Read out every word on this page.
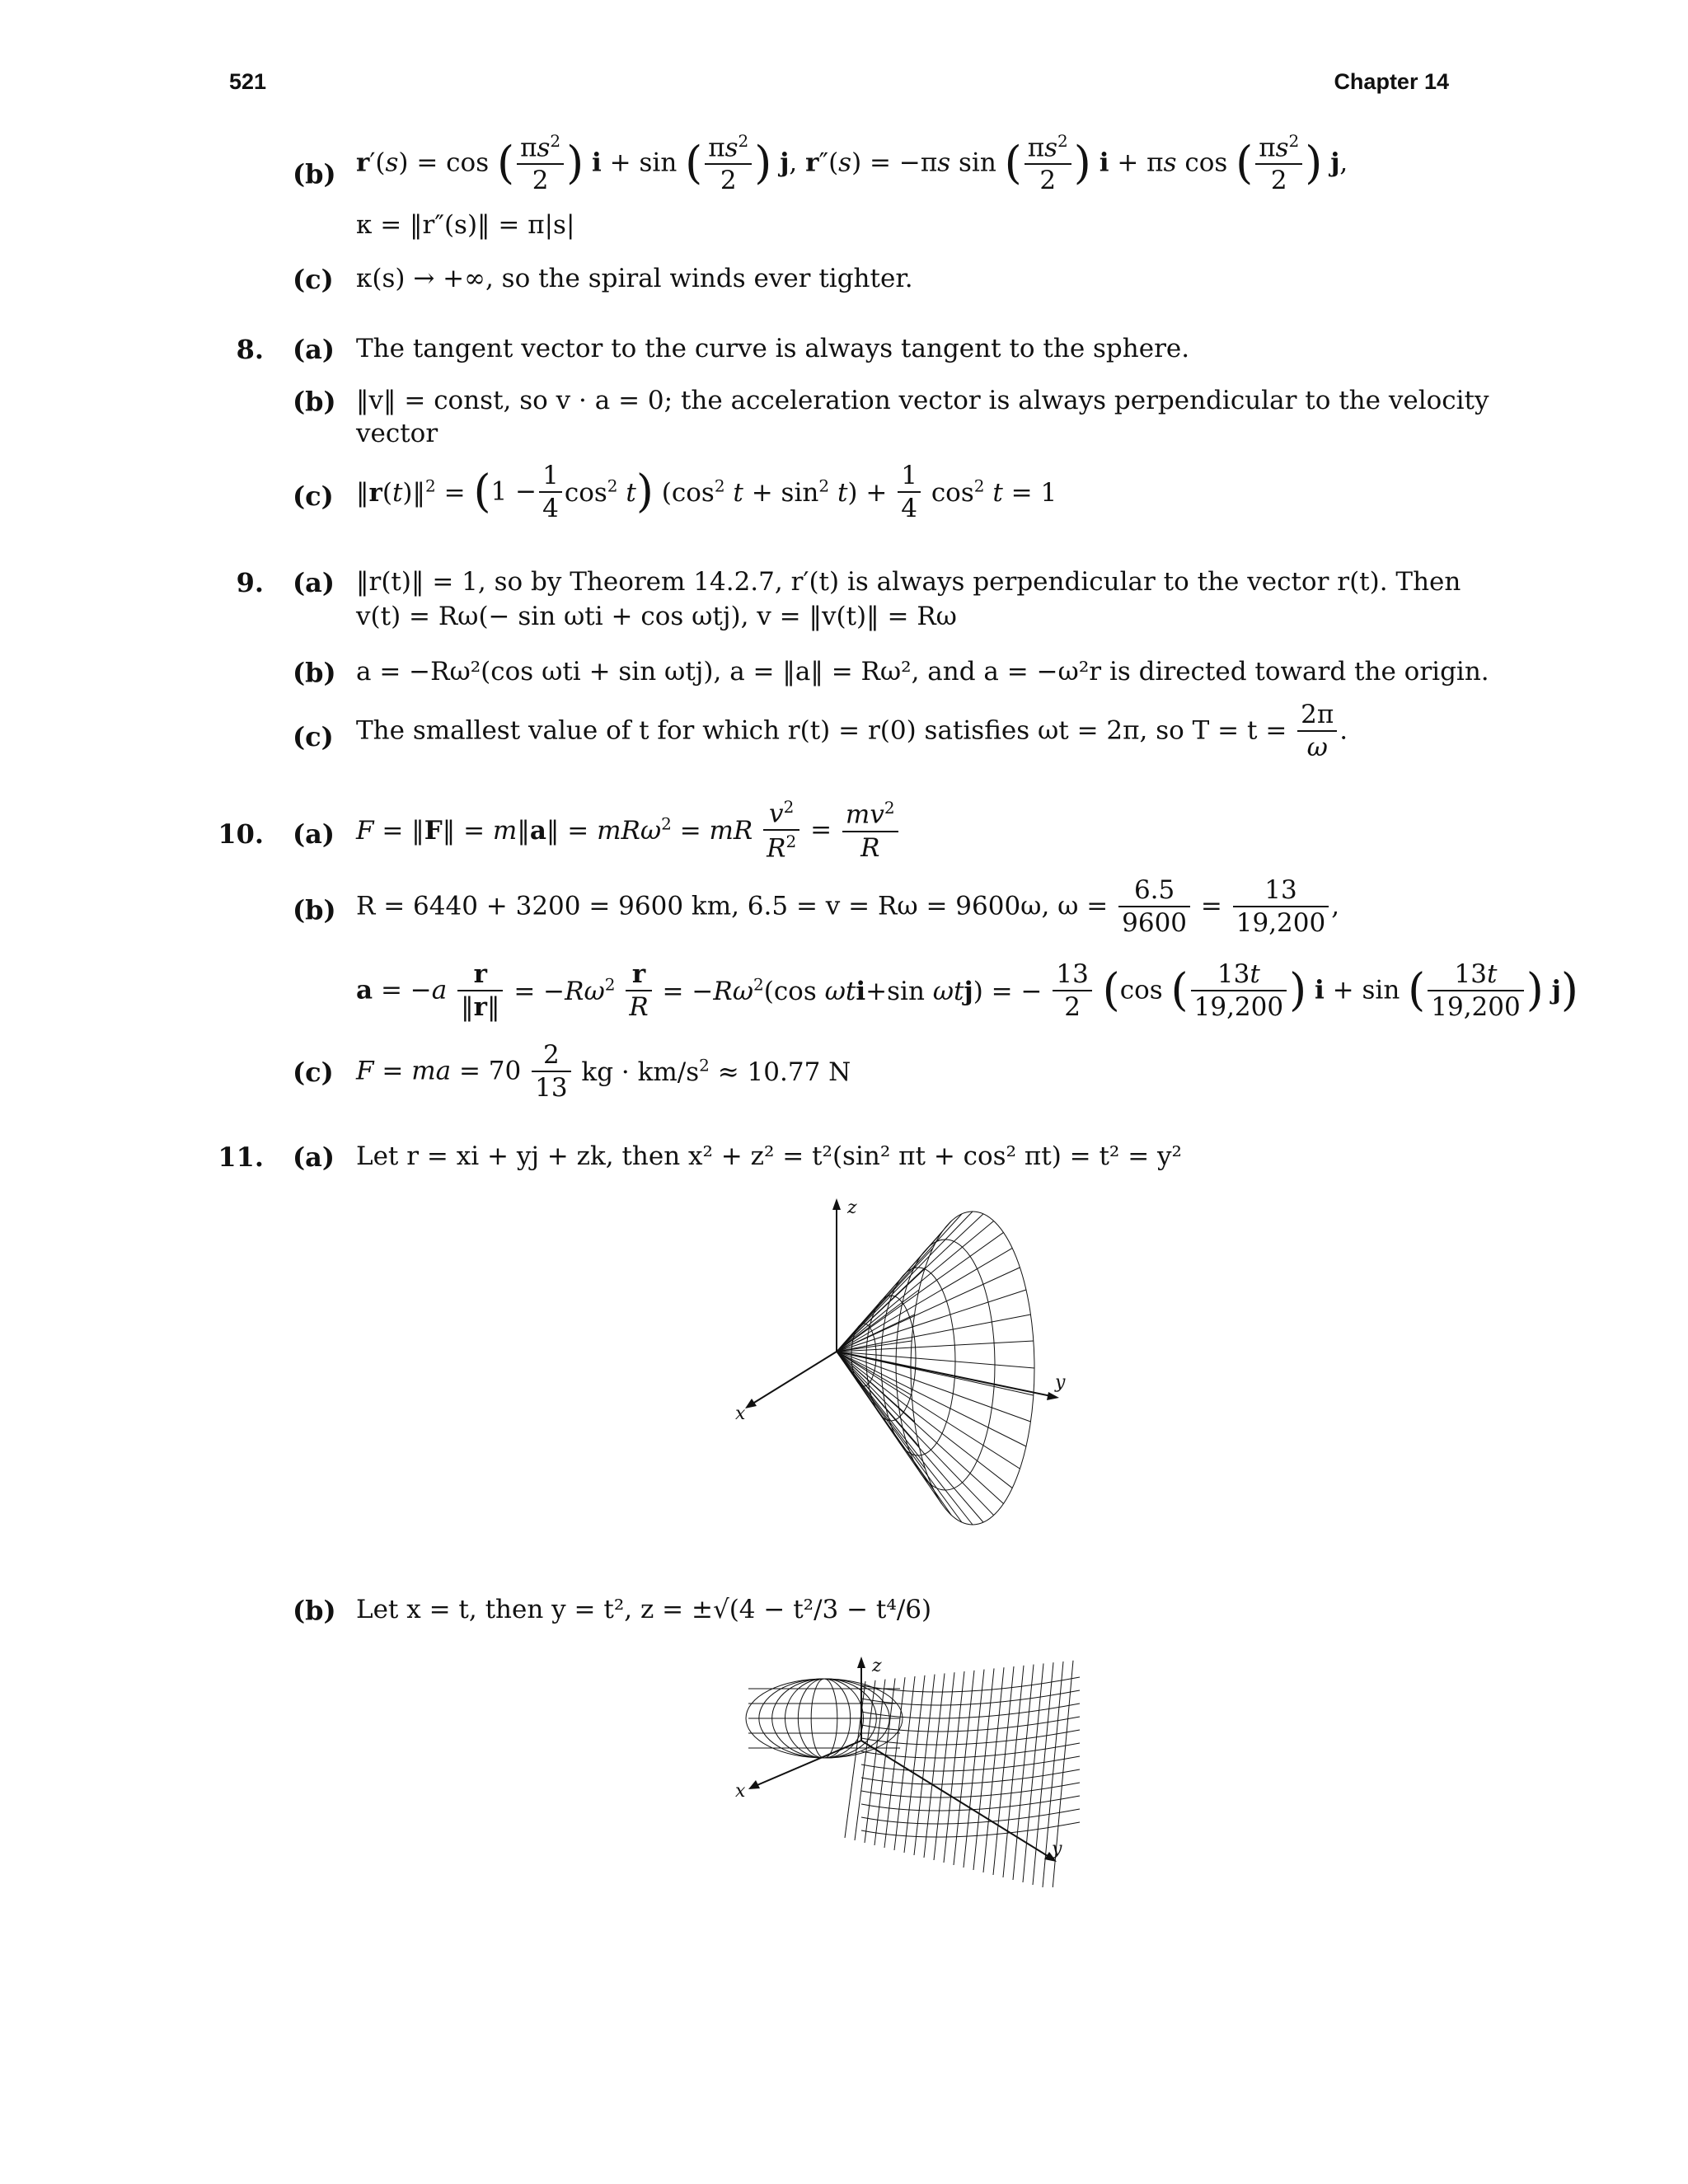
521	Chapter 14
(b) r′(s) = cos ( $\frac{\pi s^2}{2}$ ) i + sin ( $\frac{\pi s^2}{2}$ ) j, r″(s) = −πs sin ( $\frac{\pi s^2}{2}$ ) i + πs cos ( $\frac{\pi s^2}{2}$ ) j,
κ = ‖r″(s)‖ = π|s|
(c) κ(s) → +∞, so the spiral winds ever tighter.
8. (a) The tangent vector to the curve is always tangent to the sphere.
(b) ‖v‖ = const, so v · a = 0; the acceleration vector is always perpendicular to the velocity
vector
(c) ‖r(t)‖$^2$ = $(1 - \frac{1}{4} \cos^2 t)$ ($\cos^2$ $t + \sin^2 t) + \frac{1}{4} \cos^2 t = 1$
9. (a) ‖r(t)‖ = 1, so by Theorem 14.2.7, r′(t) is always perpendicular to the vector r(t). Then
v(t) = Rω(− sin ωti + cos ωtj), v = ‖v(t)‖ = Rω
(b) a = −Rω²(cos ωti + sin ωtj), a = ‖a‖ = Rω², and a = −ω²r is directed toward the origin.
(c) The smallest value of t for which r(t) = r(0) satisfies ωt = 2π, so $T = t = \frac{2\pi}{\omega}$ .
10. (a) F = ‖F‖ = m‖a‖ = mRω$^2$ = mR $\frac{v^2}{R^2} = \frac{mv^2}{R}$
(b) R = 6440 + 3200 = 9600 km, 6.5 = v = Rω = 9600ω, $\omega = \frac{6.5}{9600} = \frac{13}{19,200}$ ,
$a = -a \frac{r}{‖r‖} = -R\omega^2 \frac{r}{R} = -R\omega^2(\cos$ ωti+sin ωtj) = − $\frac{13}{2} (\cos$ ( $\frac{13t}{19,200}$ ) i + sin ( $\frac{13t}{19,200}$ ) j)
(c) F = ma = $70 \frac{2}{13}$ kg · $km/s^2 \approx 10.77$ N
11. (a) Let r = xi + yj + zk, then x² + z² = t²(sin² πt + cos² πt) = t² = y²
z
x
y
(b) Let x = t, then y = t², z = ±√(4 − t²/3 − t⁴/6)
z
x
y
